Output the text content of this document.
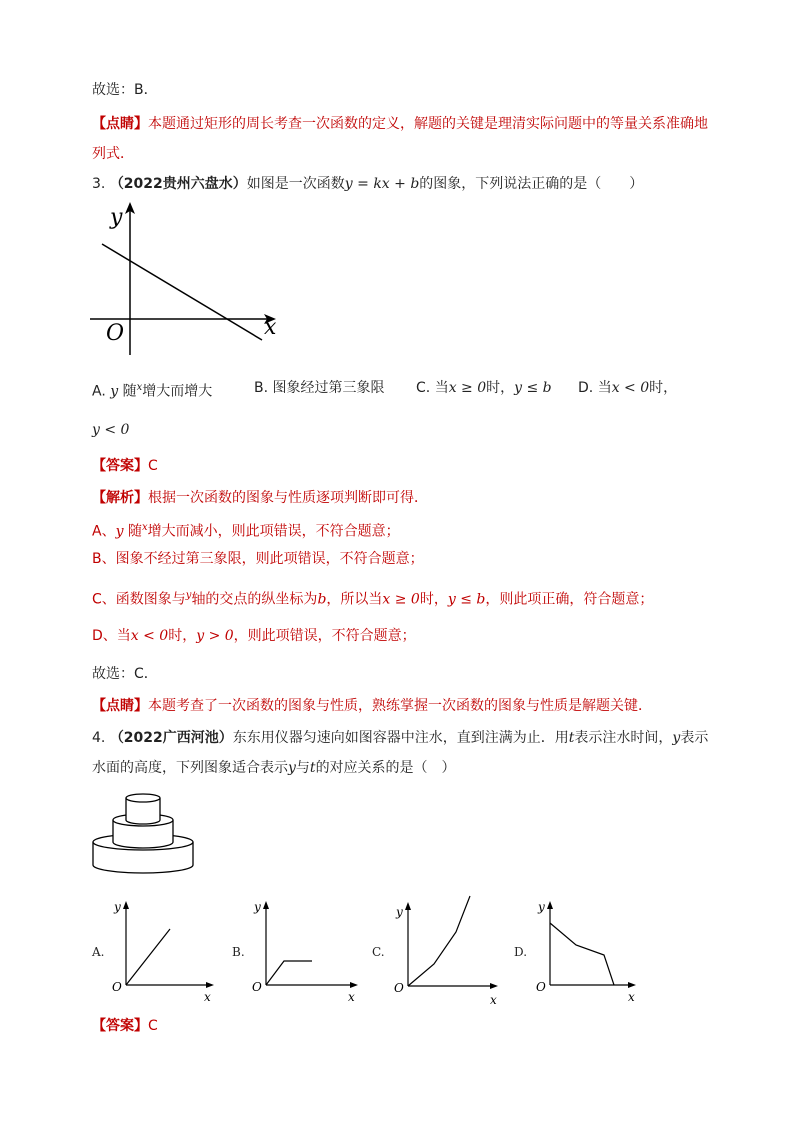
故选：B．
【点睛】本题通过矩形的周长考查一次函数的定义，解题的关键是理清实际问题中的等量关系准确地
列式．
3. （2022贵州六盘水）如图是一次函数y = kx + b的图象，下列说法正确的是（　　）
y
x
O
A. y 随$^x$增大而增大	B. 图象经过第三象限 C. 当x ≥ 0时，y ≤ b D. 当x < 0时，
y < 0
【答案】C
【解析】根据一次函数的图象与性质逐项判断即可得．
A、y 随$^x$增大而减小，则此项错误，不符合题意；
B、图象不经过第三象限，则此项错误，不符合题意；
C、函数图象与$^y$轴的交点的纵坐标为b，所以当x ≥ 0时，y ≤ b，则此项正确，符合题意；
D、当x < 0时，y > 0，则此项错误，不符合题意；
故选：C．
【点睛】本题考查了一次函数的图象与性质，熟练掌握一次函数的图象与性质是解题关键．
4. （2022广西河池）东东用仪器匀速向如图容器中注水，直到注满为止．用t表示注水时间，y表示
水面的高度，下列图象适合表示y与t的对应关系的是（　）
A.
y
O
x
B.
y
O
x
C.
y
O
x
D.
y
O
x
【答案】C
